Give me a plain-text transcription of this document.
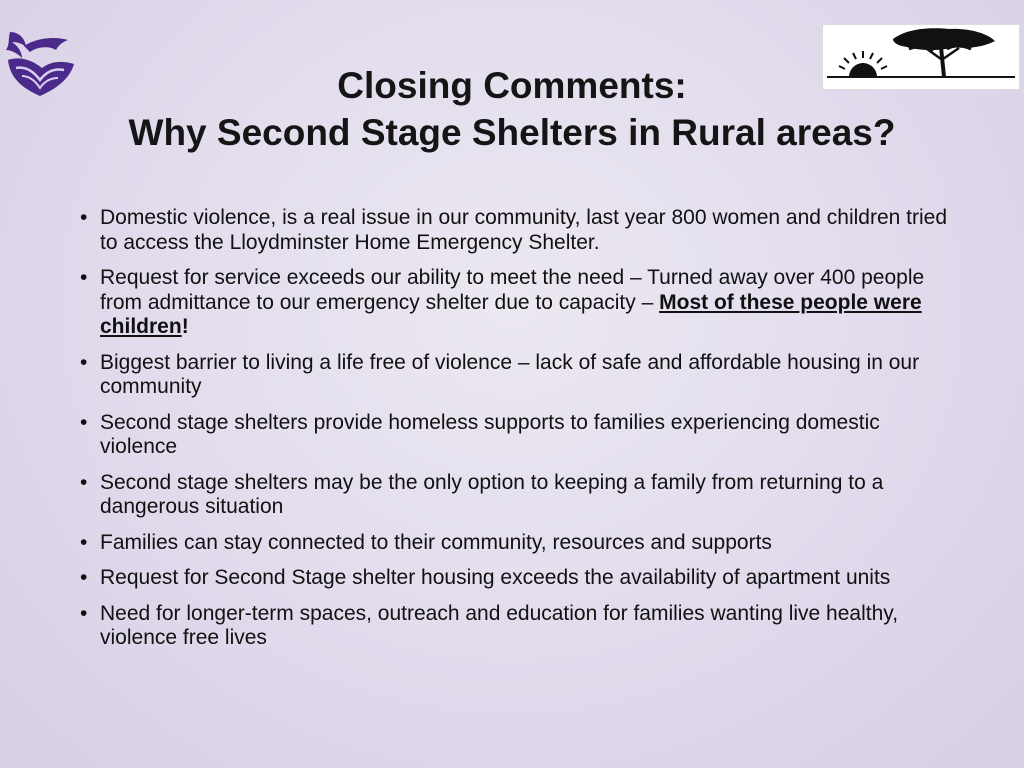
Closing Comments:
Why Second Stage Shelters in Rural areas?
• Domestic violence, is a real issue in our community, last year 800 women and children tried to access the Lloydminster Home Emergency Shelter.
• Request for service exceeds our ability to meet the need – Turned away over 400 people from admittance to our emergency shelter due to capacity – Most of these people were children!
• Biggest barrier to living a life free of violence – lack of safe and affordable housing in our community
• Second stage shelters provide homeless supports to families experiencing domestic violence
• Second stage shelters may be the only option to keeping a family from returning to a dangerous situation
• Families can stay connected to their community, resources and supports
• Request for Second Stage shelter housing exceeds the availability of apartment units
• Need for longer-term spaces, outreach and education for families wanting live healthy, violence free lives
